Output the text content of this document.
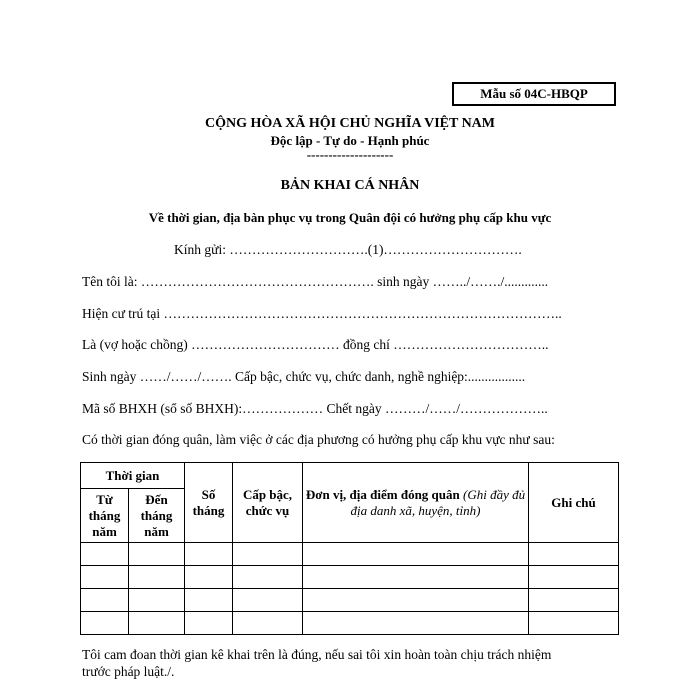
Mẫu số 04C-HBQP
CỘNG HÒA XÃ HỘI CHỦ NGHĨA VIỆT NAM
Độc lập - Tự do - Hạnh phúc
--------------------
BẢN KHAI CÁ NHÂN
Về thời gian, địa bàn phục vụ trong Quân đội có hưởng phụ cấp khu vực
Kính gửi: ………………………….(1)………………………….
Tên tôi là: ……………………………………………. sinh ngày ……../……./.............
Hiện cư trú tại ……………………………………………………………………………..
Là (vợ hoặc chồng) …………………………… đồng chí ……………………………..
Sinh ngày ……/……/……. Cấp bậc, chức vụ, chức danh, nghề nghiệp:.................
Mã số BHXH (sổ số BHXH):……………… Chết ngày ………/……/………………..
Có thời gian đóng quân, làm việc ở các địa phương có hưởng phụ cấp khu vực như sau:
Thời gian		Số tháng	Cấp bậc, chức vụ	Đơn vị, địa điểm đóng quân (Ghi đầy đủ địa danh xã, huyện, tỉnh)	Ghi chú
Từ tháng năm	Đến tháng năm				

Tôi cam đoan thời gian kê khai trên là đúng, nếu sai tôi xin hoàn toàn chịu trách nhiệm trước pháp luật./.
